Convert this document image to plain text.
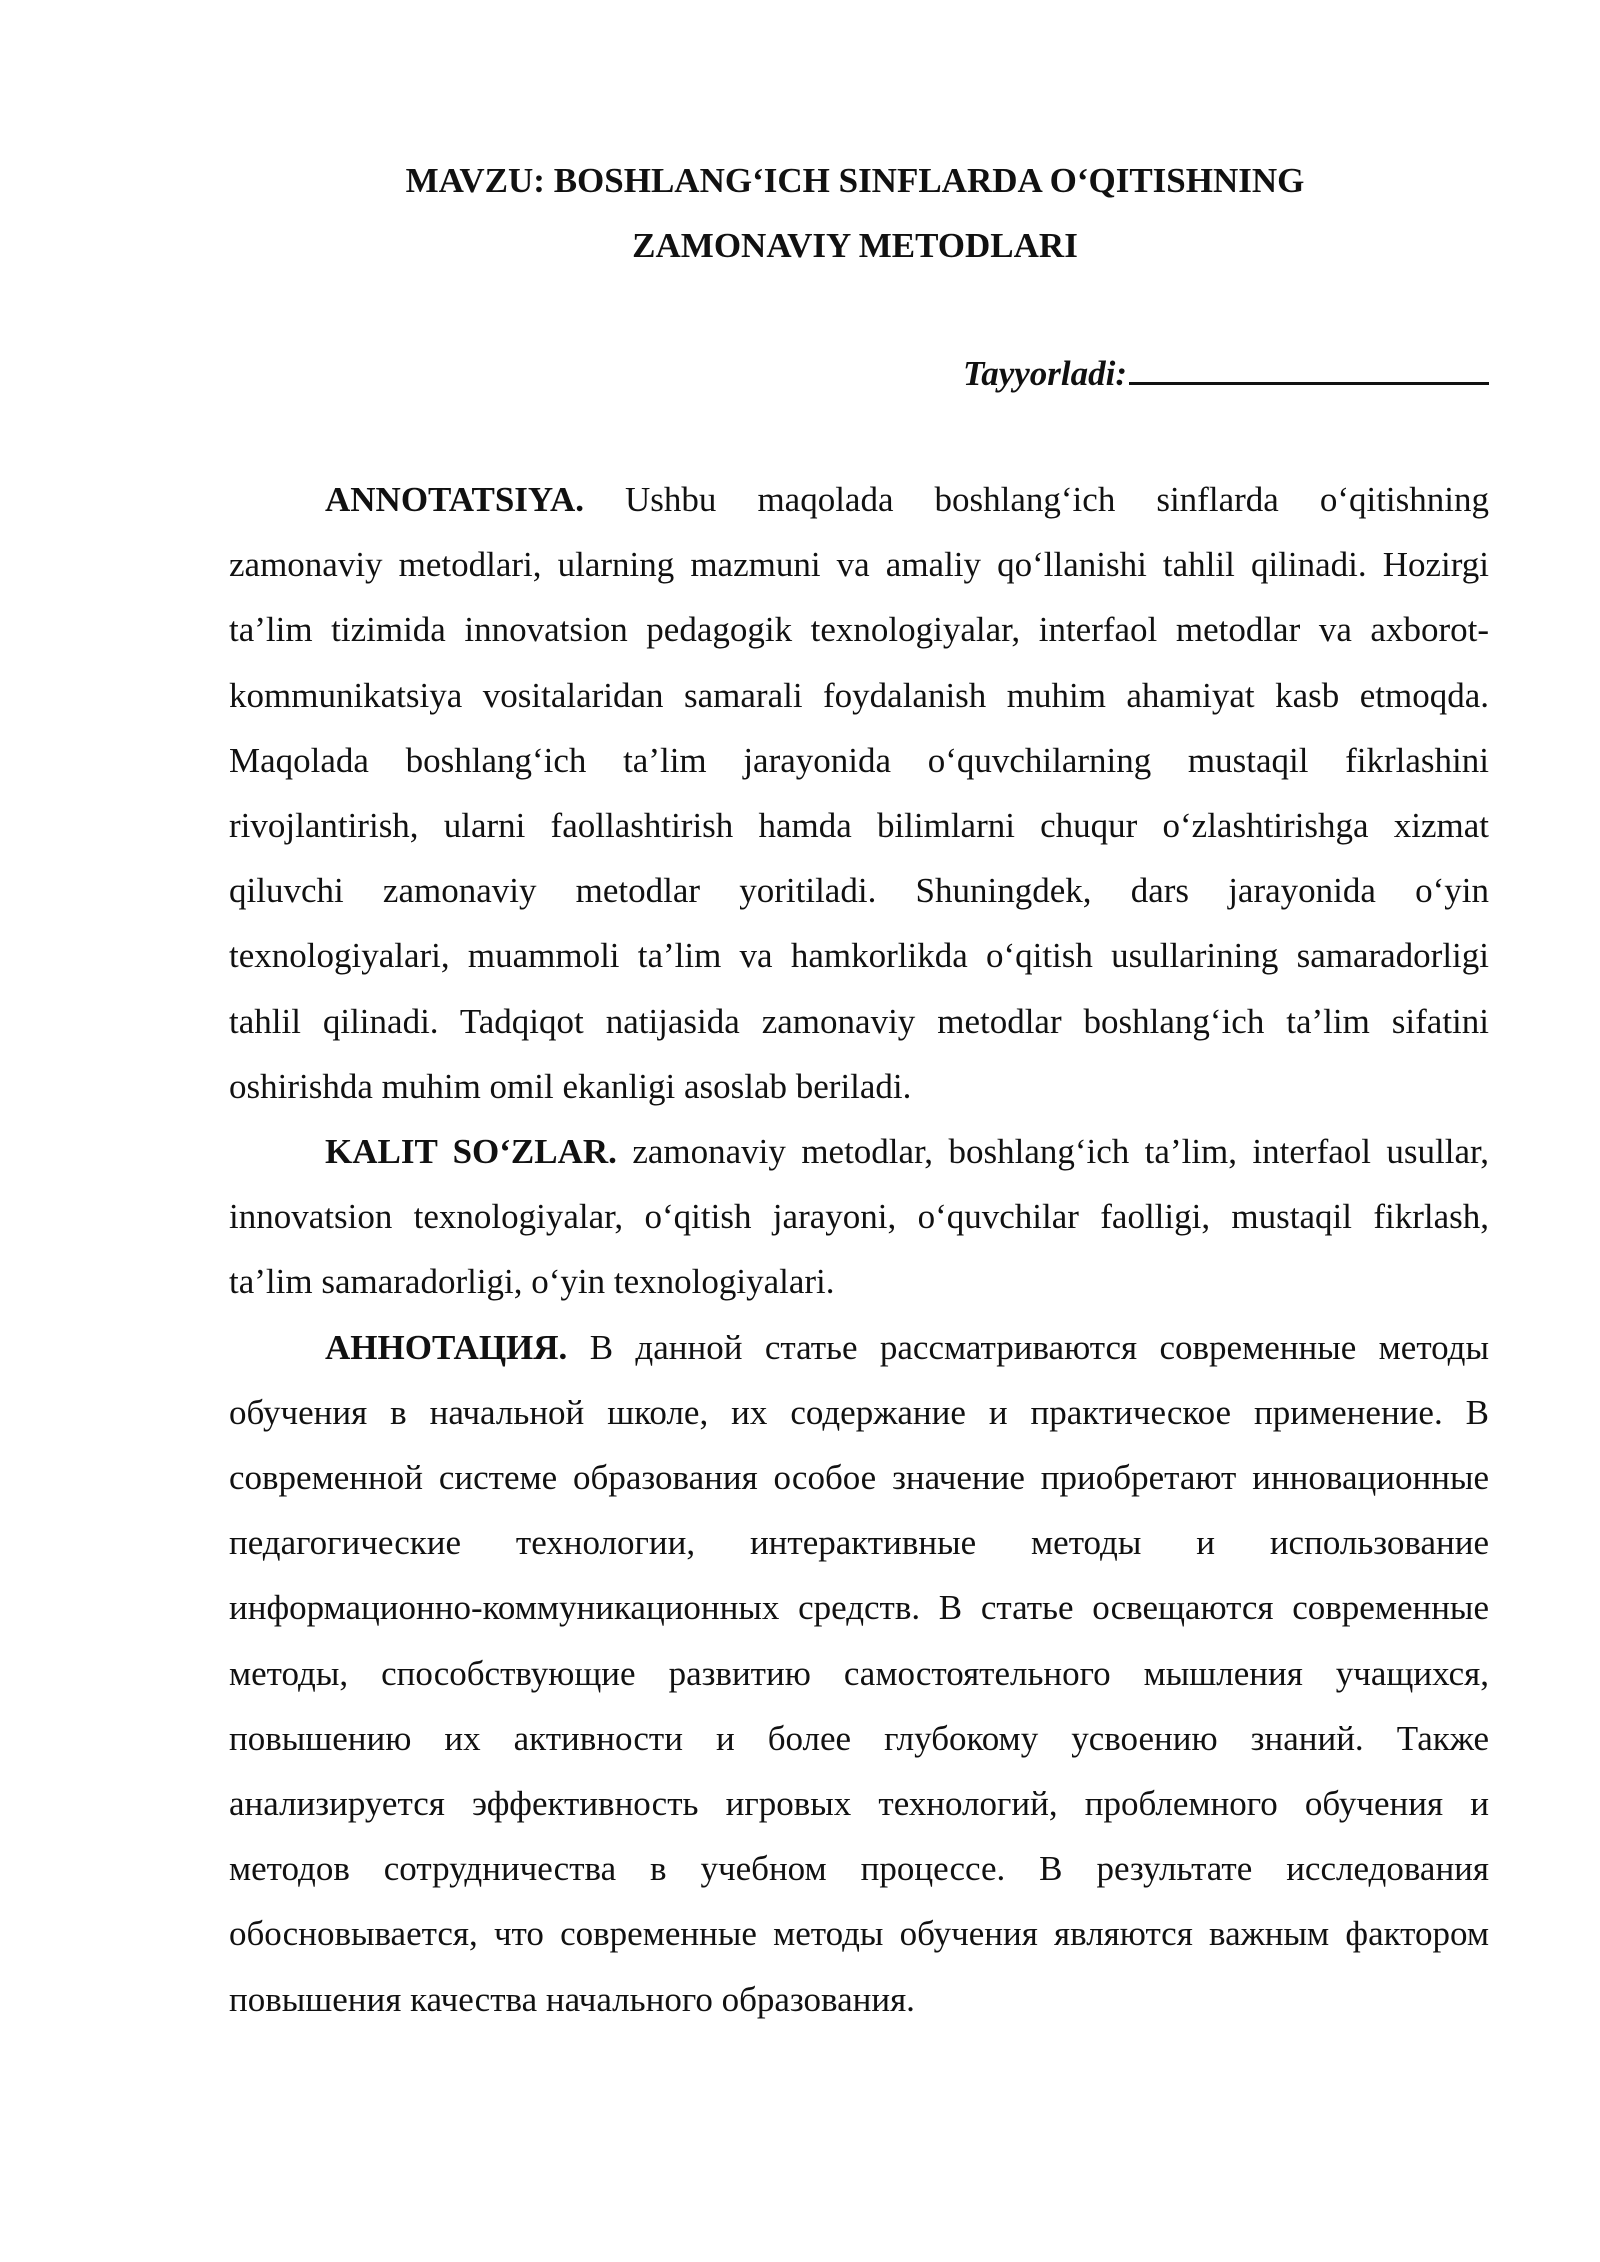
MAVZU: BOSHLANG‘ICH SINFLARDA O‘QITISHNING
ZAMONAVIY METODLARI
Tayyorladi:

ANNOTATSIYA. Ushbu maqolada boshlang‘ich sinflarda o‘qitishning zamonaviy metodlari, ularning mazmuni va amaliy qo‘llanishi tahlil qilinadi. Hozirgi ta’lim tizimida innovatsion pedagogik texnologiyalar, interfaol metodlar va axborot-kommunikatsiya vositalaridan samarali foydalanish muhim ahamiyat kasb etmoqda. Maqolada boshlang‘ich ta’lim jarayonida o‘quvchilarning mustaqil fikrlashini rivojlantirish, ularni faollashtirish hamda bilimlarni chuqur o‘zlashtirishga xizmat qiluvchi zamonaviy metodlar yoritiladi. Shuningdek, dars jarayonida o‘yin texnologiyalari, muammoli ta’lim va hamkorlikda o‘qitish usullarining samaradorligi tahlil qilinadi. Tadqiqot natijasida zamonaviy metodlar boshlang‘ich ta’lim sifatini oshirishda muhim omil ekanligi asoslab beriladi.

KALIT SO‘ZLAR. zamonaviy metodlar, boshlang‘ich ta’lim, interfaol usullar, innovatsion texnologiyalar, o‘qitish jarayoni, o‘quvchilar faolligi, mustaqil fikrlash, ta’lim samaradorligi, o‘yin texnologiyalari.

АННОТАЦИЯ. В данной статье рассматриваются современные методы обучения в начальной школе, их содержание и практическое применение. В современной системе образования особое значение приобретают инновационные педагогические технологии, интерактивные методы и использование информационно-коммуникационных средств. В статье освещаются современные методы, способствующие развитию самостоятельного мышления учащихся, повышению их активности и более глубокому усвоению знаний. Также анализируется эффективность игровых технологий, проблемного обучения и методов сотрудничества в учебном процессе. В результате исследования обосновывается, что современные методы обучения являются важным фактором повышения качества начального образования.
